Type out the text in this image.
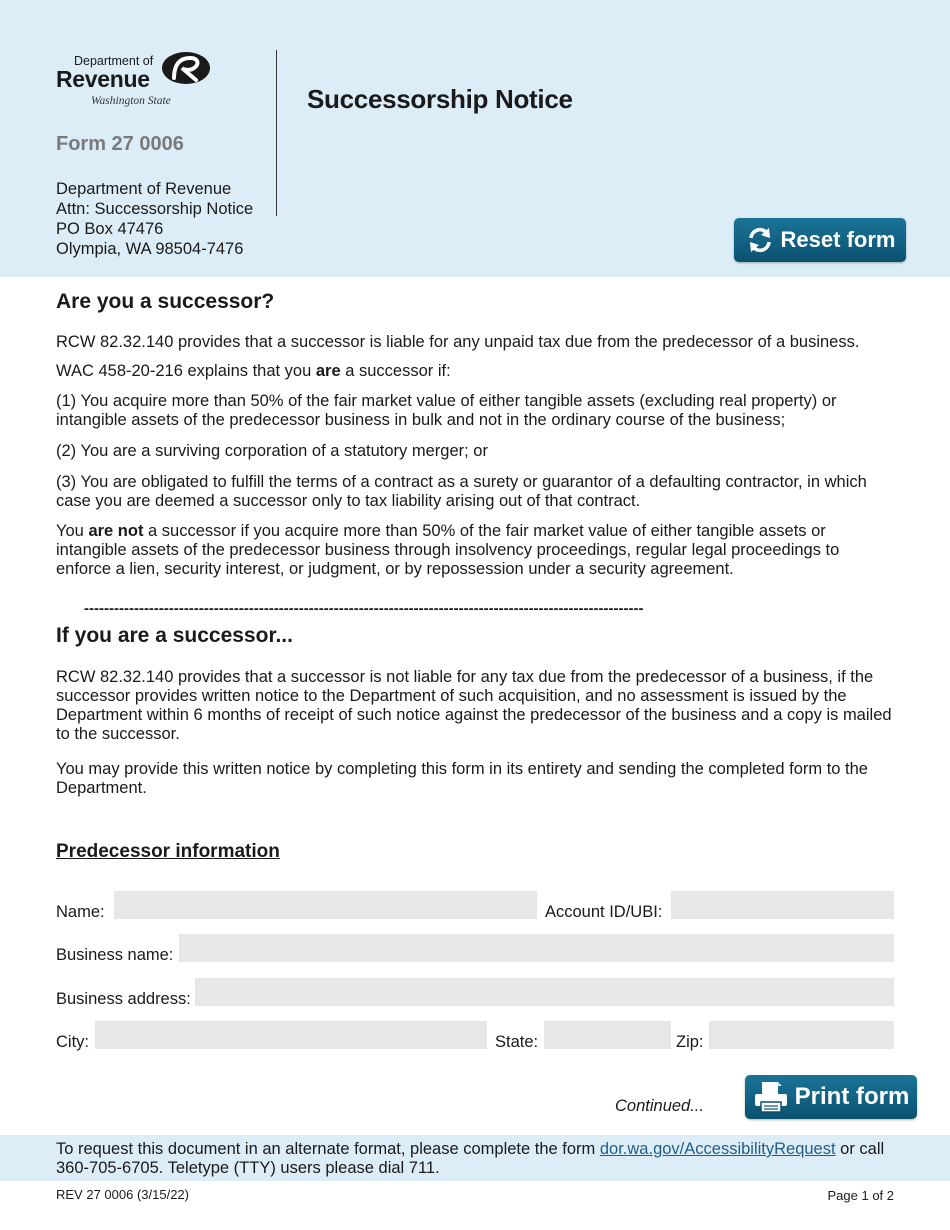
Department of
Revenue
Washington State
Form 27 0006
Department of Revenue
Attn: Successorship Notice
PO Box 47476
Olympia, WA 98504-7476
Successorship Notice
Reset form
Are you a successor?
RCW 82.32.140 provides that a successor is liable for any unpaid tax due from the predecessor of a business.
WAC 458-20-216 explains that you are a successor if:
(1) You acquire more than 50% of the fair market value of either tangible assets (excluding real property) or intangible assets of the predecessor business in bulk and not in the ordinary course of the business;
(2) You are a surviving corporation of a statutory merger; or
(3) You are obligated to fulfill the terms of a contract as a surety or guarantor of a defaulting contractor, in which case you are deemed a successor only to tax liability arising out of that contract.
You are not a successor if you acquire more than 50% of the fair market value of either tangible assets or intangible assets of the predecessor business through insolvency proceedings, regular legal proceedings to enforce a lien, security interest, or judgment, or by repossession under a security agreement.
----------------------------------------------------------------------------------------------------------------
If you are a successor...
RCW 82.32.140 provides that a successor is not liable for any tax due from the predecessor of a business, if the successor provides written notice to the Department of such acquisition, and no assessment is issued by the Department within 6 months of receipt of such notice against the predecessor of the business and a copy is mailed to the successor.
You may provide this written notice by completing this form in its entirety and sending the completed form to the Department.
Predecessor information
Name:	Account ID/UBI:
Business name:
Business address:
City:	State:	Zip:
Continued...	Print form
To request this document in an alternate format, please complete the form dor.wa.gov/AccessibilityRequest or call 360-705-6705. Teletype (TTY) users please dial 711.
REV 27 0006 (3/15/22)	Page 1 of 2
